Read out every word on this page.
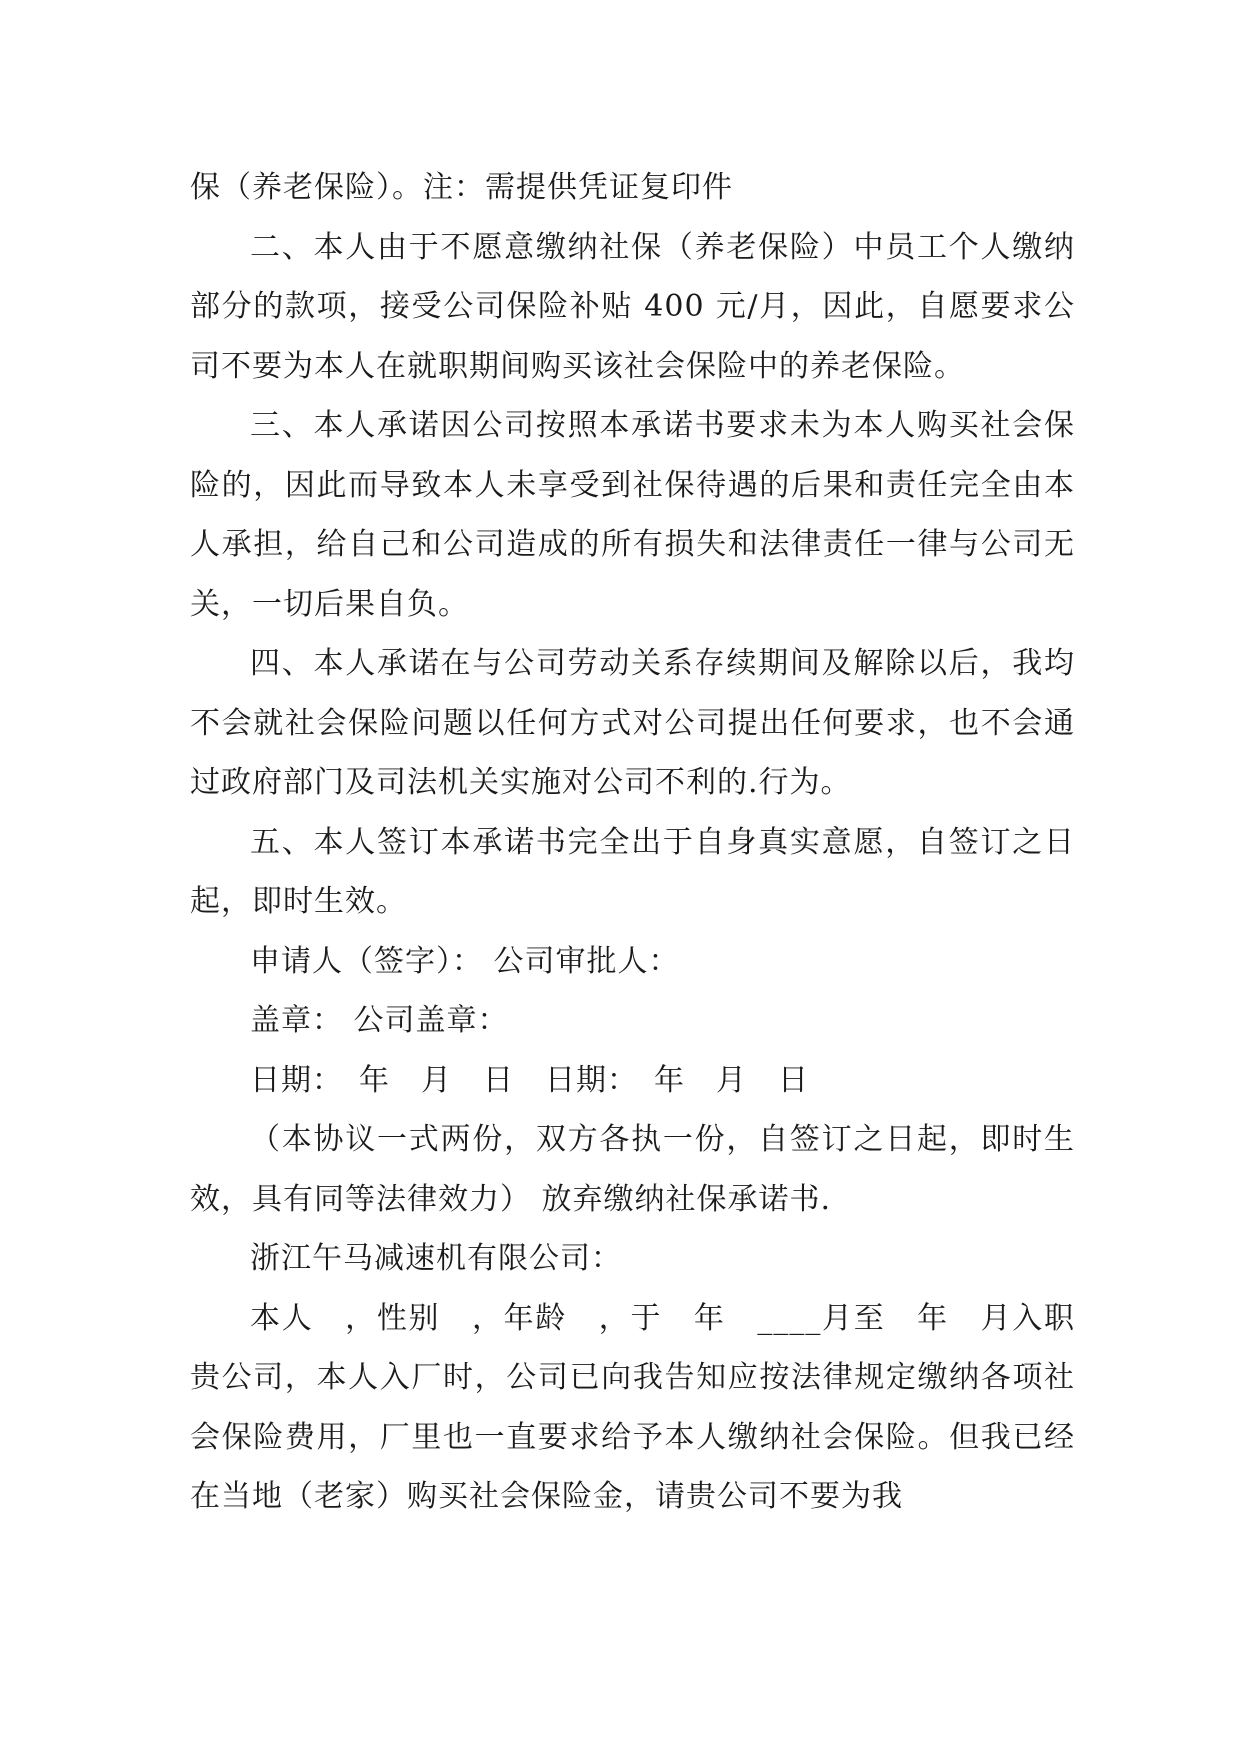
保（养老保险）。注：需提供凭证复印件

二、本人由于不愿意缴纳社保（养老保险）中员工个人缴纳部分的款项，接受公司保险补贴 400 元/月，因此，自愿要求公司不要为本人在就职期间购买该社会保险中的养老保险。

三、本人承诺因公司按照本承诺书要求未为本人购买社会保险的，因此而导致本人未享受到社保待遇的后果和责任完全由本人承担，给自己和公司造成的所有损失和法律责任一律与公司无关，一切后果自负。

四、本人承诺在与公司劳动关系存续期间及解除以后，我均不会就社会保险问题以任何方式对公司提出任何要求，也不会通过政府部门及司法机关实施对公司不利的.行为。

五、本人签订本承诺书完全出于自身真实意愿，自签订之日起，即时生效。

申请人（签字）： 公司审批人：

盖章： 公司盖章：

日期：　年　月　日　日期：　年　月　日

（本协议一式两份，双方各执一份，自签订之日起，即时生效，具有同等法律效力） 放弃缴纳社保承诺书.

浙江午马减速机有限公司：

本人　，性别　，年龄　，于　年　____月至　年　月入职贵公司，本人入厂时，公司已向我告知应按法律规定缴纳各项社会保险费用，厂里也一直要求给予本人缴纳社会保险。但我已经在当地（老家）购买社会保险金，请贵公司不要为我
